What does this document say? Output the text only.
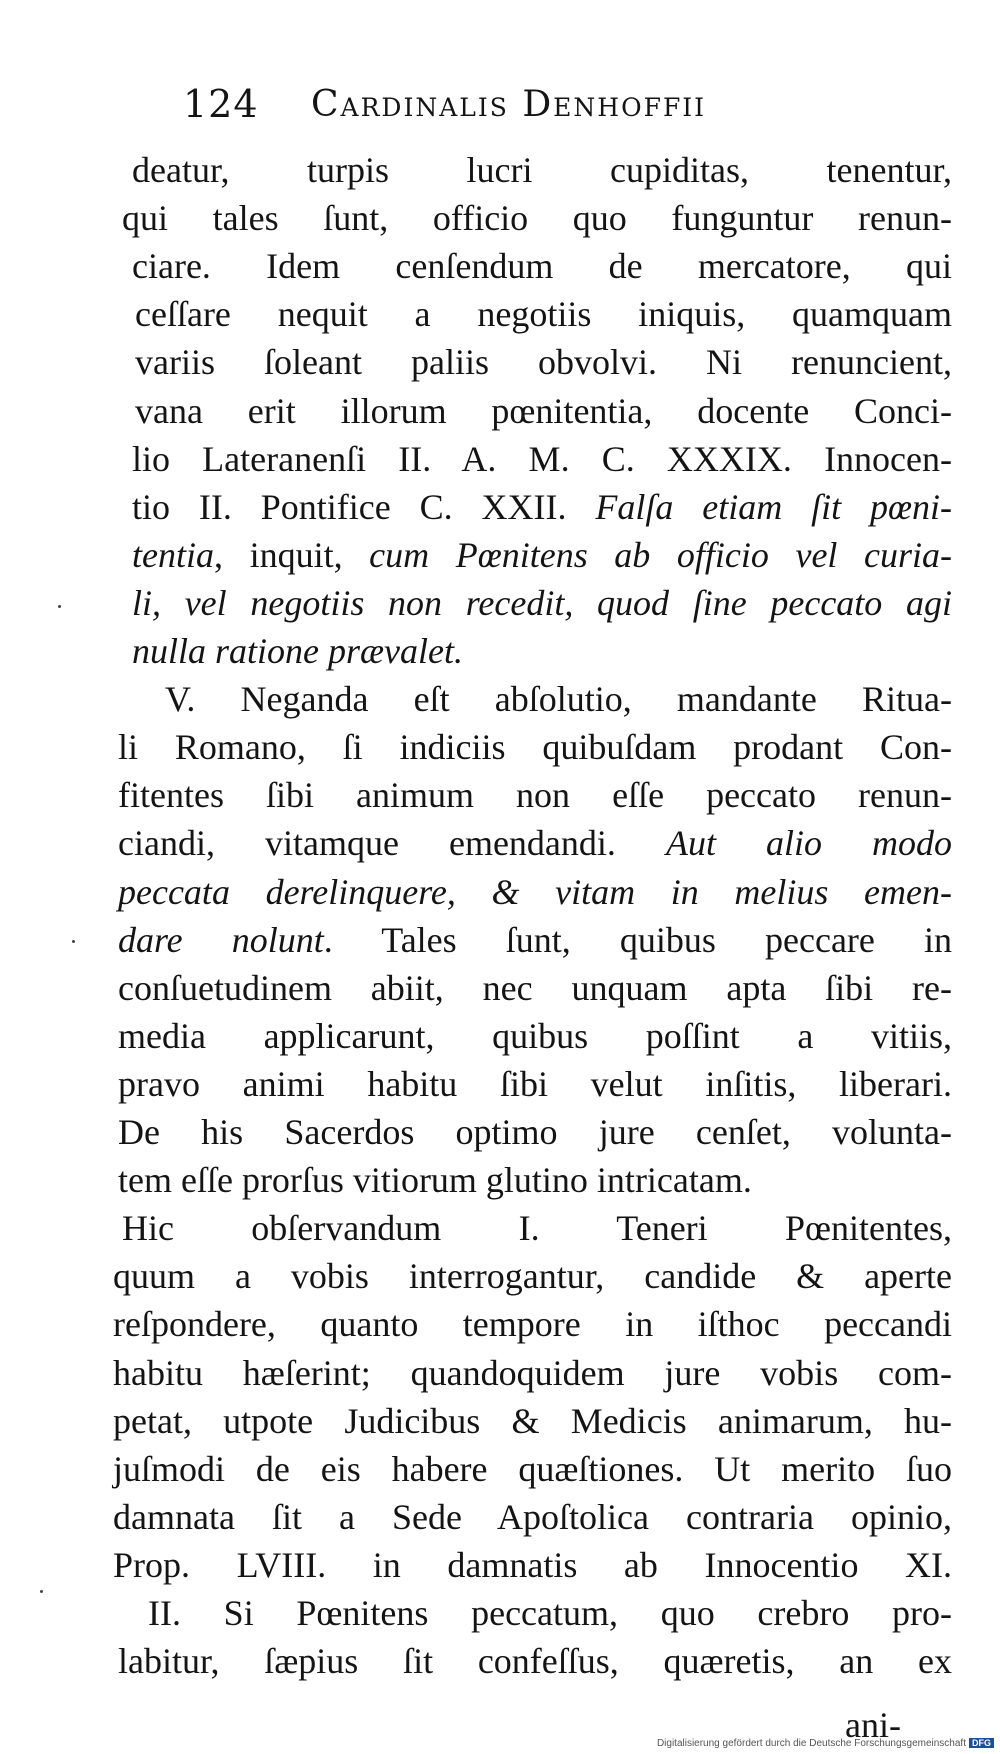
124 Cardinalis Denhoffii
deatur, turpis lucri cupiditas, tenentur,
qui tales ſunt, officio quo funguntur renun-
ciare. Idem cenſendum de mercatore, qui
ceſſare nequit a negotiis iniquis, quamquam
variis ſoleant paliis obvolvi. Ni renuncient,
vana erit illorum pœnitentia, docente Conci-
lio Lateranenſi II. A. M. C. XXXIX. Innocen-
tio II. Pontifice C. XXII. Falſa etiam ſit pœni-
tentia, inquit, cum Pœnitens ab officio vel curia-
li, vel negotiis non recedit, quod ſine peccato agi
nulla ratione prævalet.
V. Neganda eſt abſolutio, mandante Ritua-
li Romano, ſi indiciis quibuſdam prodant Con-
fitentes ſibi animum non eſſe peccato renun-
ciandi, vitamque emendandi. Aut alio modo
peccata derelinquere, & vitam in melius emen-
dare nolunt. Tales ſunt, quibus peccare in
conſuetudinem abiit, nec unquam apta ſibi re-
media applicarunt, quibus poſſint a vitiis,
pravo animi habitu ſibi velut inſitis, liberari.
De his Sacerdos optimo jure cenſet, volunta-
tem eſſe prorſus vitiorum glutino intricatam.
Hic obſervandum I. Teneri Pœnitentes,
quum a vobis interrogantur, candide & aperte
reſpondere, quanto tempore in iſthoc peccandi
habitu hæſerint; quandoquidem jure vobis com-
petat, utpote Judicibus & Medicis animarum, hu-
juſmodi de eis habere quæſtiones. Ut merito ſuo
damnata ſit a Sede Apoſtolica contraria opinio,
Prop. LVIII. in damnatis ab Innocentio XI.
II. Si Pœnitens peccatum, quo crebro pro-
labitur, ſæpius ſit confeſſus, quæretis, an ex
ani-
Digitalisierung gefördert durch die Deutsche Forschungsgemeinschaft DFG
